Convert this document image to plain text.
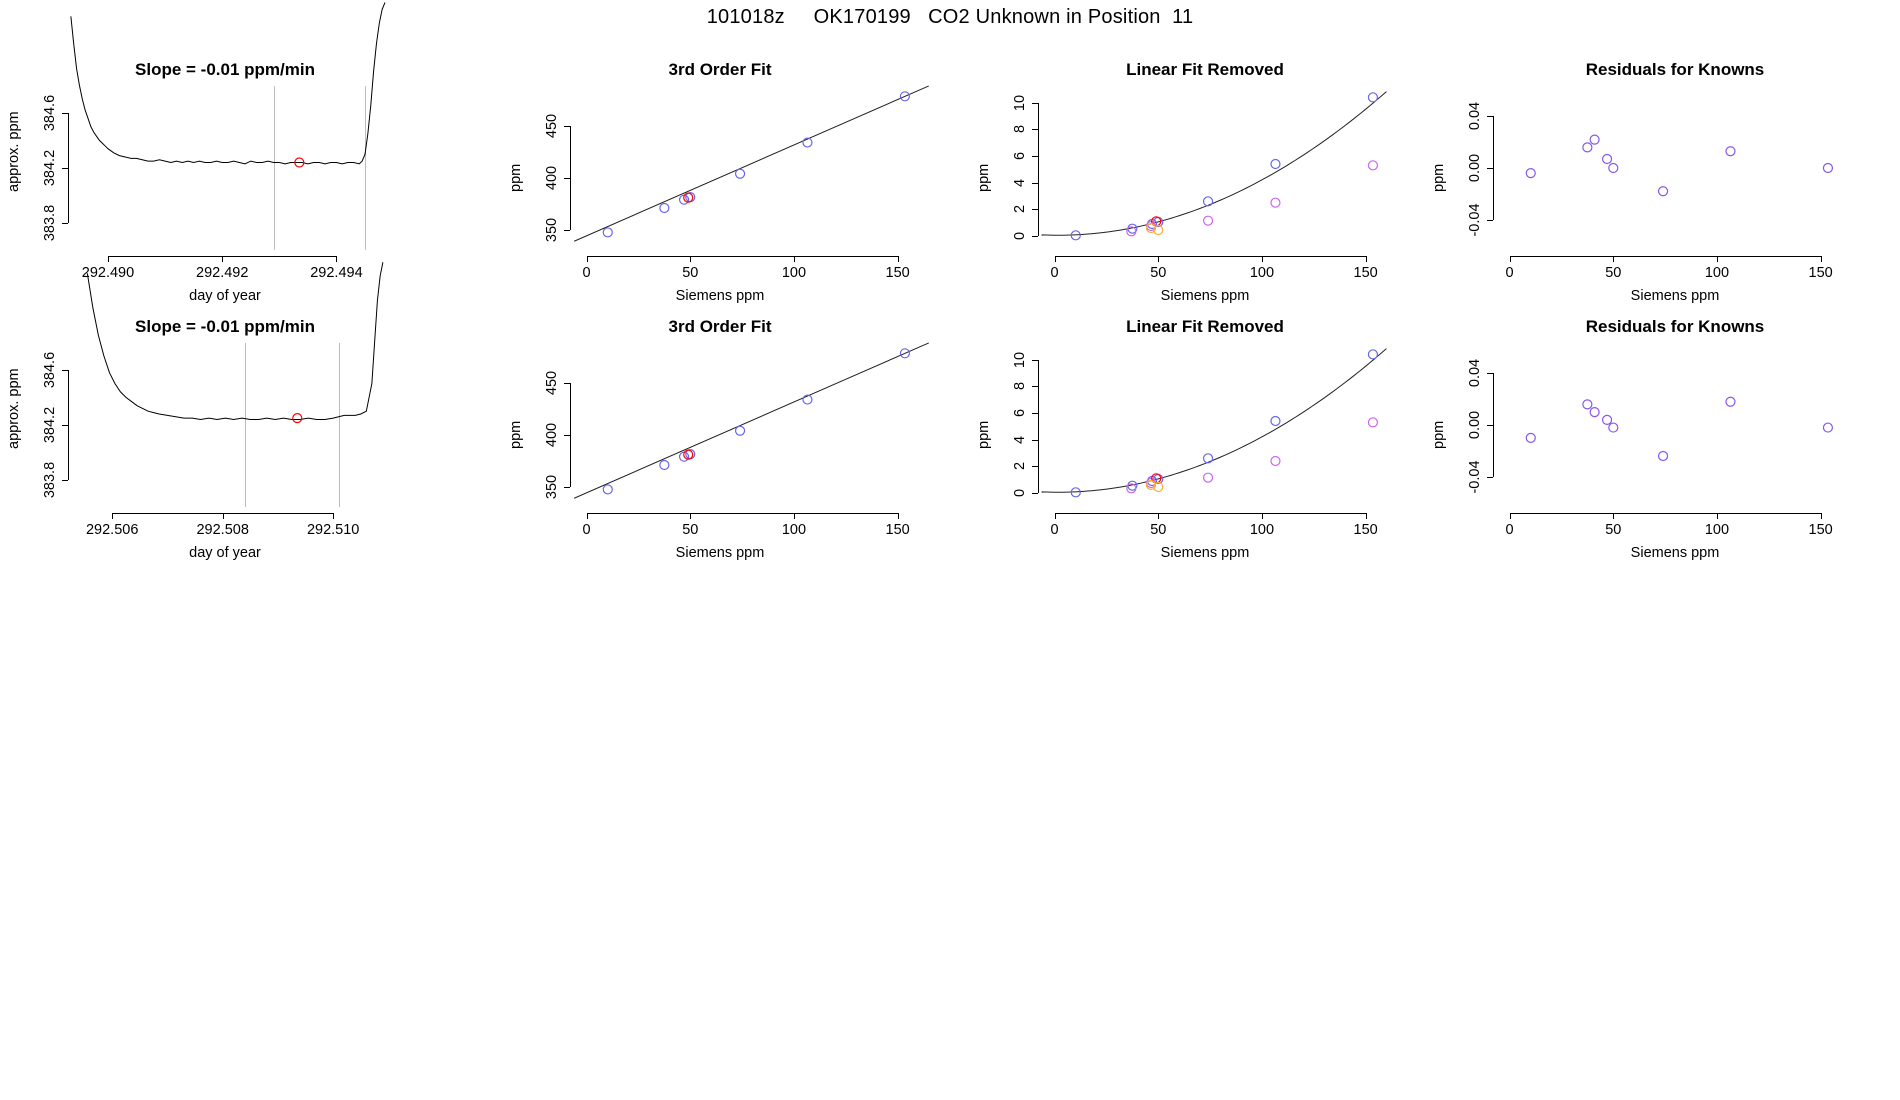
101018z     OK170199   CO2 Unknown in Position  11
Slope = -0.01 ppm/min
292.490	292.492	292.494
383.8
384.2
384.6
day of year
approx. ppm
3rd Order Fit
0	50	100	150
350
400
450
Siemens ppm
ppm
Linear Fit Removed
0	50	100	150
0
2
4
6
8
10
Siemens ppm
ppm
Residuals for Knowns
0	50	100	150
-0.04
0.00
0.04
Siemens ppm
ppm
Slope = -0.01 ppm/min
292.506	292.508	292.510
383.8
384.2
384.6
day of year
approx. ppm
3rd Order Fit
0	50	100	150
350
400
450
Siemens ppm
ppm
Linear Fit Removed
0	50	100	150
0
2
4
6
8
10
Siemens ppm
ppm
Residuals for Knowns
0	50	100	150
-0.04
0.00
0.04
Siemens ppm
ppm
